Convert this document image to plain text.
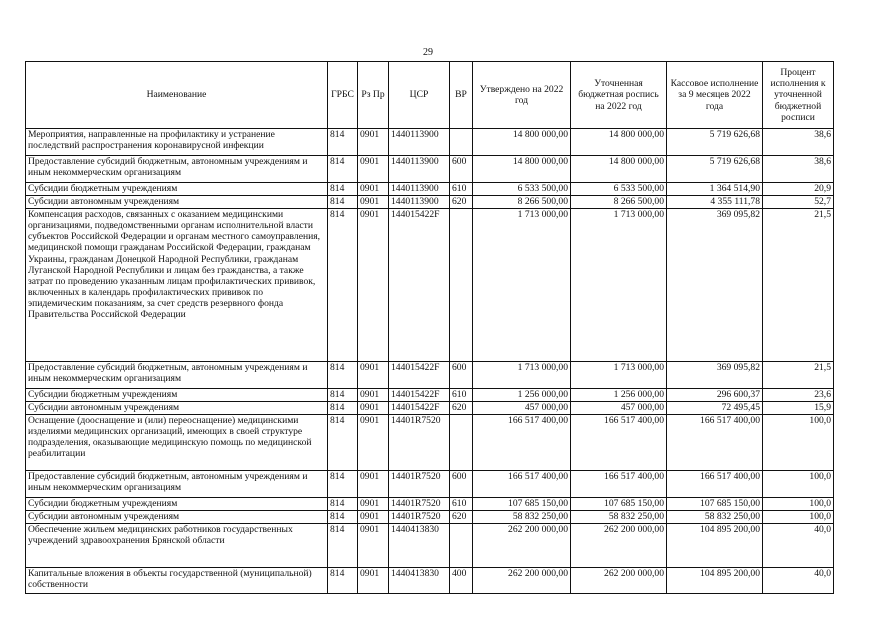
29
Наименование	ГРБС	Рз Пр	ЦСР	ВР	Утверждено на 2022 год	Уточненная бюджетная роспись на 2022 год	Кассовое исполнение за 9 месяцев 2022 года	Процент исполнения к уточненной бюджетной росписи
Мероприятия, направленные на профилактику и устранение последствий распространения коронавирусной инфекции	814	0901	1440113900		14 800 000,00	14 800 000,00	5 719 626,68	38,6
Предоставление субсидий бюджетным, автономным учреждениям и иным некоммерческим организациям	814	0901	1440113900	600	14 800 000,00	14 800 000,00	5 719 626,68	38,6
Субсидии бюджетным учреждениям	814	0901	1440113900	610	6 533 500,00	6 533 500,00	1 364 514,90	20,9
Субсидии автономным учреждениям	814	0901	1440113900	620	8 266 500,00	8 266 500,00	4 355 111,78	52,7
Компенсация расходов, связанных с оказанием медицинскими организациями, подведомственными органам исполнительной власти субъектов Российской Федерации и органам местного самоуправления, медицинской помощи гражданам Российской Федерации, гражданам Украины, гражданам Донецкой Народной Республики, гражданам Луганской Народной Республики и лицам без гражданства, а также затрат по проведению указанным лицам профилактических прививок, включенных в календарь профилактических прививок по эпидемическим показаниям, за счет средств резервного фонда Правительства Российской Федерации	814	0901	144015422F		1 713 000,00	1 713 000,00	369 095,82	21,5
Предоставление субсидий бюджетным, автономным учреждениям и иным некоммерческим организациям	814	0901	144015422F	600	1 713 000,00	1 713 000,00	369 095,82	21,5
Субсидии бюджетным учреждениям	814	0901	144015422F	610	1 256 000,00	1 256 000,00	296 600,37	23,6
Субсидии автономным учреждениям	814	0901	144015422F	620	457 000,00	457 000,00	72 495,45	15,9
Оснащение (дооснащение и (или) переоснащение) медицинскими изделиями медицинских организаций, имеющих в своей структуре подразделения, оказывающие медицинскую помощь по медицинской реабилитации	814	0901	14401R7520		166 517 400,00	166 517 400,00	166 517 400,00	100,0
Предоставление субсидий бюджетным, автономным учреждениям и иным некоммерческим организациям	814	0901	14401R7520	600	166 517 400,00	166 517 400,00	166 517 400,00	100,0
Субсидии бюджетным учреждениям	814	0901	14401R7520	610	107 685 150,00	107 685 150,00	107 685 150,00	100,0
Субсидии автономным учреждениям	814	0901	14401R7520	620	58 832 250,00	58 832 250,00	58 832 250,00	100,0
Обеспечение жильем медицинских работников государственных учреждений здравоохранения Брянской области	814	0901	1440413830		262 200 000,00	262 200 000,00	104 895 200,00	40,0
Капитальные вложения в объекты государственной (муниципальной) собственности	814	0901	1440413830	400	262 200 000,00	262 200 000,00	104 895 200,00	40,0
